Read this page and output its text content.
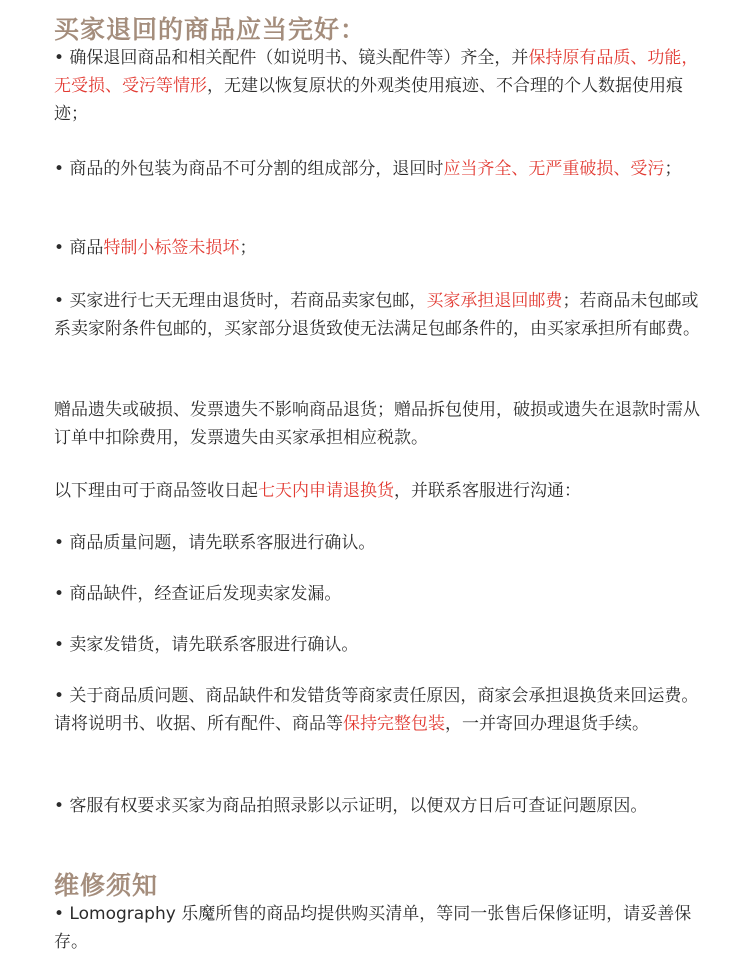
买家退回的商品应当完好：

• 确保退回商品和相关配件（如说明书、镜头配件等）齐全，并保持原有品质、功能，无受损、受污等情形，无建以恢复原状的外观类使用痕迹、不合理的个人数据使用痕迹；

• 商品的外包装为商品不可分割的组成部分，退回时应当齐全、无严重破损、受污；

• 商品特制小标签未损坏；

• 买家进行七天无理由退货时，若商品卖家包邮，买家承担退回邮费；若商品未包邮或系卖家附条件包邮的，买家部分退货致使无法满足包邮条件的，由买家承担所有邮费。

赠品遗失或破损、发票遗失不影响商品退货；赠品拆包使用，破损或遗失在退款时需从订单中扣除费用，发票遗失由买家承担相应税款。

以下理由可于商品签收日起七天内申请退换货，并联系客服进行沟通：

• 商品质量问题，请先联系客服进行确认。

• 商品缺件，经查证后发现卖家发漏。

• 卖家发错货，请先联系客服进行确认。

• 关于商品质问题、商品缺件和发错货等商家责任原因，商家会承担退换货来回运费。请将说明书、收据、所有配件、商品等保持完整包装，一并寄回办理退货手续。

• 客服有权要求买家为商品拍照录影以示证明，以便双方日后可查证问题原因。

维修须知

• Lomography 乐魔所售的商品均提供购买清单，等同一张售后保修证明，请妥善保存。
